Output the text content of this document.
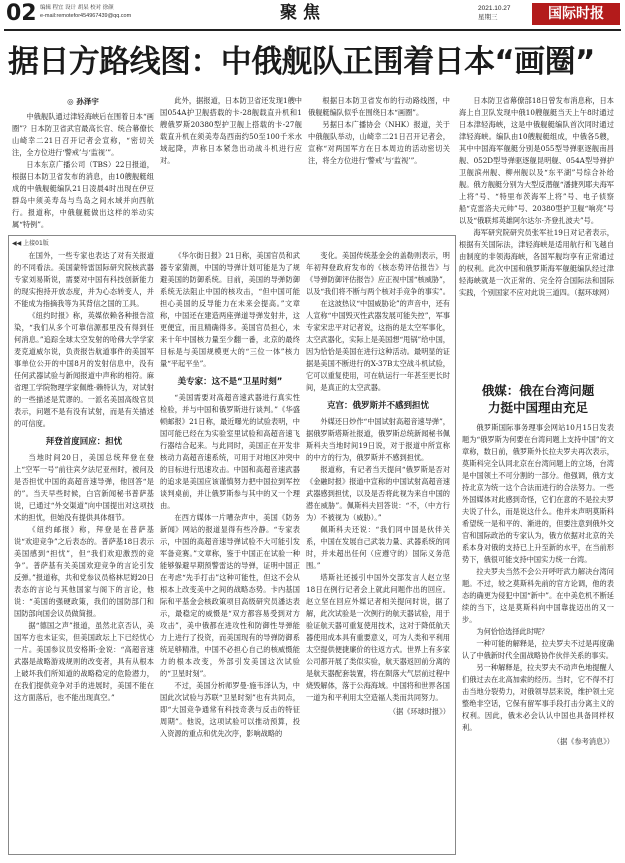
02 编辑 程宜 设计 胡杲 校对 徐颜
e-mail:remotefor454967439@qq.com	聚焦	2021.10.27
星期三	国际时报
据日方路线图：中俄舰队正围着日本“画圈”
◎ 孙泽宇

中俄舰队通过津轻海峡后在围着日本“画圈”？日本防卫省武官最高长官、统合幕僚长山崎幸二21日召开记者会宣称，“密切关注，全方位进行‘警戒’与‘监视’”。

日本东京广播公司（TBS）22日报道，根据日本防卫省发布的消息，由10艘舰艇组成的中俄舰艇编队21日凌晨4时出现在伊豆群岛中须美寿岛与鸟岛之间水域并向西航行。报道称，中俄舰艇做出这样的举动实属“特例”。

此外，据报道，日本防卫省还发现1艘中国054A护卫舰搭载的卡-28舰载直升机和1艘俄罗斯20380型护卫舰上搭载的卡-27舰载直升机在须美寿岛西南约50至100千米水域起降，声称日本紧急出动战斗机进行应对。

根据日本防卫省发布的行动路线图，中俄舰艇编队似乎在围绕日本“画圈”。

另据日本广播协会（NHK）报道，关于中俄舰队举动，山崎幸二21日召开记者会，宣称“对两国军方在日本周边的活动密切关注，将全方位进行‘警戒’与‘监视’”。

日本防卫省幕僚部18日曾发布消息称，日本海上自卫队发现中俄10艘舰艇当天上午8时通过日本津轻海峡，这是中俄舰艇编队首次同时通过津轻海峡。编队由10艘舰艇组成，中俄各5艘，其中中国海军舰艇分别是055型导弹驱逐舰南昌舰、052D型导弹驱逐舰昆明舰、054A型导弹护卫舰滨州舰、柳州舰以及“东平湖”号综合补给舰。俄方舰艇分别为大型反潜舰“潘捷列耶夫海军上将”号、“特里布茨海军上将”号、电子侦察船“克雷洛夫元帅”号、20380型护卫舰“响亮”号以及“俄联邦英雄阿尔达尔·齐登扎波夫”号。

海军研究院研究员张军社19日对记者表示，根据有关国际法，津轻海峡是适用航行和飞越自由制度的非领海海峡，各国军舰均享有正常通过的权利。此次中国和俄罗斯海军舰艇编队经过津轻海峡就是一次正常的、完全符合国际法和国际实践，个别国家不应对此说三道四。（据环球网）

◀◀ 上接01版

在国外，一些专家也表达了对有关报道的不同看法。美国蒙特雷国际研究院核武器专家刘易斯说，需要对中国有科技创新能力的现实抱持开放态度，并为心态转变人，并不能成为指摘我等为其背信之国的工具。

《纽约时报》称，英媒依赖各种报告渲染，“我们从多个可靠信源那里没有得到任何消息。”追踪全球太空发射的哈佛大学学家麦克道威尔说，负责报告航道事件的美国军事单位公开的中国8月的发射信息中，没有任何武器试验与新闻报道中声称的相符。麻省理工学院物理学家佩维·赖特认为，对试射的一些描述是荒谬的。一派名美国高级官员表示，问题不是有没有试射，而是有关描述的可信度。

拜登首度回应：担忧

当地时间20日，美国总统拜登在登上“空军一号”前往宾夕法尼亚州时，被问及是否担忧中国的高超音速导弹，他回答“是的”。当天早些时候，白宫新闻秘书普萨基说，已通过“外交渠道”向中国提出对这项技术的担忧，但她没有提供具体细节。

《纽约邮报》称，拜登是在普萨基说“欢迎竞争”之后表态的。普萨基18日表示美国感到“担忧”，但“我们欢迎激烈的竞争”。普萨基有关美国欢迎竞争的言论引发反弹。”报道称，共和党参议员格林尼姆20日表态的言论与其他国家与阁下的言论，他说：“美国的强硬政策，我们的国防部门和国防部向国会议员做简报。

据“德国之声”报道，虽然北京否认，美国军方也未证实，但美国政坛上下已经忧心一片。美国参议员安格斯·金说：“高超音速武器是战略游戏规则的改变者，具有从根本上破坏我们所知道的战略稳定的危险潜力，在我们提供竞争对手的进展时，美国不能在这方面落后，也不能出现真空。”

《华尔街日报》21日称，美国官员和武器专家猜测，中国的导弹计划可能是为了规避美国的防御系统。目前，美国的导弹防御系统无法阻止中国的核攻击，“但中国可能担心美国的反导能力在未来会提高。”文章称，中国还在建造两座弹道导弹发射井，这更便宜，而且精确得多。美国官员担心，未来十年中国核力量至少翻一番，北京的最终目标是与美国规模更大的“三位一体”核力量“平起平坐”。

美专家：这不是“卫星时刻”

“美国需要对高超音速武器进行真实性检验，并与中国和俄罗斯进行谈判。”《华盛顿邮报》21日称，最近曝光的试验表明，中国可能已经在为实验室里试验和高超音速飞行器结合起来。与此同时，美国正在开发非核动力高超音速系统，可用于对地区冲突中的目标进行迅速攻击。中国和高超音速武器的追求是美国应该谨慎努力把中国拉到军控谈判桌前，并让俄罗斯参与其中的又一个理由。

在西方媒体一片嘈杂声中，美国《防务新闻》网站的报道显得有些冷静。“专家表示，中国的高超音速导弹试验不大可能引发军备竞赛。”文章称，鉴于中国正在试验一种能够躲避早期预警雷达的导弹，证明中国正在考虑“先手打击”这种可能性，但这不会从根本上改变美中之间的战略态势。卡内基国际和平基金会核政策项目高级研究员潘达表示，最稳定的威慑是“双方都容易受到对方攻击”，美中俄都在进攻性和防御性导弹能力上进行了投资，而美国现有的导弹防御系统足够精准，中国不必担心自己的核威慑能力的根本改变，外部引发美国这次试验的“卫星时刻”。

不过，美国分析师罗曼·施韦泽认为，中国此次试验与苏联“卫星时刻”也有共同点，即“大国竞争通常有科技奇袭与反击的特征周期”。他说，这项试验可以推动预算，投入资源的重点和优先次序，影响战略的

变化。美国传统基金会的盖勒则表示，明年初拜登政府发布的《核态势评估报告》与《导弹防御评估报告》应正视中国“核威胁”，以及“我们将不断与两个核对手竞争的事实”。

在这波热议“中国威胁论”的声音中，还有人宣称“中国毁灭性武器发展可能失控”，军事专家宋忠平对记者说，这指的是太空军事化，太空武器化，实际上是美国想“甩锅”给中国，因为恰恰是美国在进行这种活动。最明显的证据是美国不断进行的X-37B太空战斗机试验，它可以重复使用，可在轨运行一年甚至更长时间，是真正的太空武器。

克宫：俄罗斯并不感到担忧

外媒还日炒作“中国试射高超音速导弹”，据俄罗斯塔斯社报道，俄罗斯总统新闻秘书佩斯科夫当地时间19日说，对于报道中所宣称的中方的行为，俄罗斯并不感到担忧。

报道称，有记者当天提问“俄罗斯是否对《金融时报》报道中宣称的中国试射高超音速武器感到担忧，以及是否将此视为来自中国的潜在威胁”。佩斯科夫回答说：“不，（中方行为）不被视为（威胁）。”

佩斯科夫还说：“我们同中国是伙伴关系，中国在发展自己武装力量、武器系统的同时，并未超出任何（应遵守的）国际义务范围。”

塔斯社还援引中国外交部发言人赵立坚18日在例行记者会上就此问题作出的回应。赵立坚在回应外媒记者相关提问时说，据了解，此次试验是一次例行的航天器试验，用于验证航天器可重复使用技术，这对于降低航天器使用成本具有重要意义，可为人类和平利用太空提供便捷廉价的往返方式。世界上有多家公司都开展了类似实验，航天器返回前分离的是航天器配套装置，将在陨落大气层前过程中烧毁解体，落于公海海域。中国将和世界各国一道为和平利用太空造福人类而共同努力。

（据《环球时报》）

俄媒：俄在台湾问题
力挺中国理由充足

俄罗斯国际事务理事会网站10月15日发表题为“俄罗斯为何要在台湾问题上支持中国”的文章称，数日前，俄罗斯外长拉夫罗夫再次表示，莫斯科完全认同北京在台湾问题上的立场，台湾是中国领土不可分割的一部分。他强调，俄方支持北京为统一这个合法而进行的合法努力。一些外国媒体对此感到奇怪，它们在意的不是拉夫罗夫说了什么，而是说这什么。他并未声明莫斯科希望统一是和平的、渐进的，但要注意到俄外交官和国际政治的专家认为，俄方依据对北京的关系本身对俄的支持已上升至新的水平，在当前形势下，俄很可能支持中国实力统一台湾。

拉夫罗夫当然不会公开呼吁武力解决台湾问题。不过，较之莫斯科先前的官方论调，他的表态的确更为侵犯中国“新中”。在中美危机不断延续的当下，这是莫斯科向中国靠拢迈出的又一步。

为何恰恰选择此时呢？

一种可能的解释是，拉夫罗夫不过是再度确认了中俄新时代全面战略协作伙伴关系的事实。

另一种解释是，拉夫罗夫不动声色地提醒人们俄过去在北高加索的经历。当时，它不得不打击当地分裂势力，对俄领导层来说，维护领土完整绝非空话，它保有留军事手段打击分离主义的权利。因此，俄未必会认认中国也具备同样权利。

（据《参考消息》）
